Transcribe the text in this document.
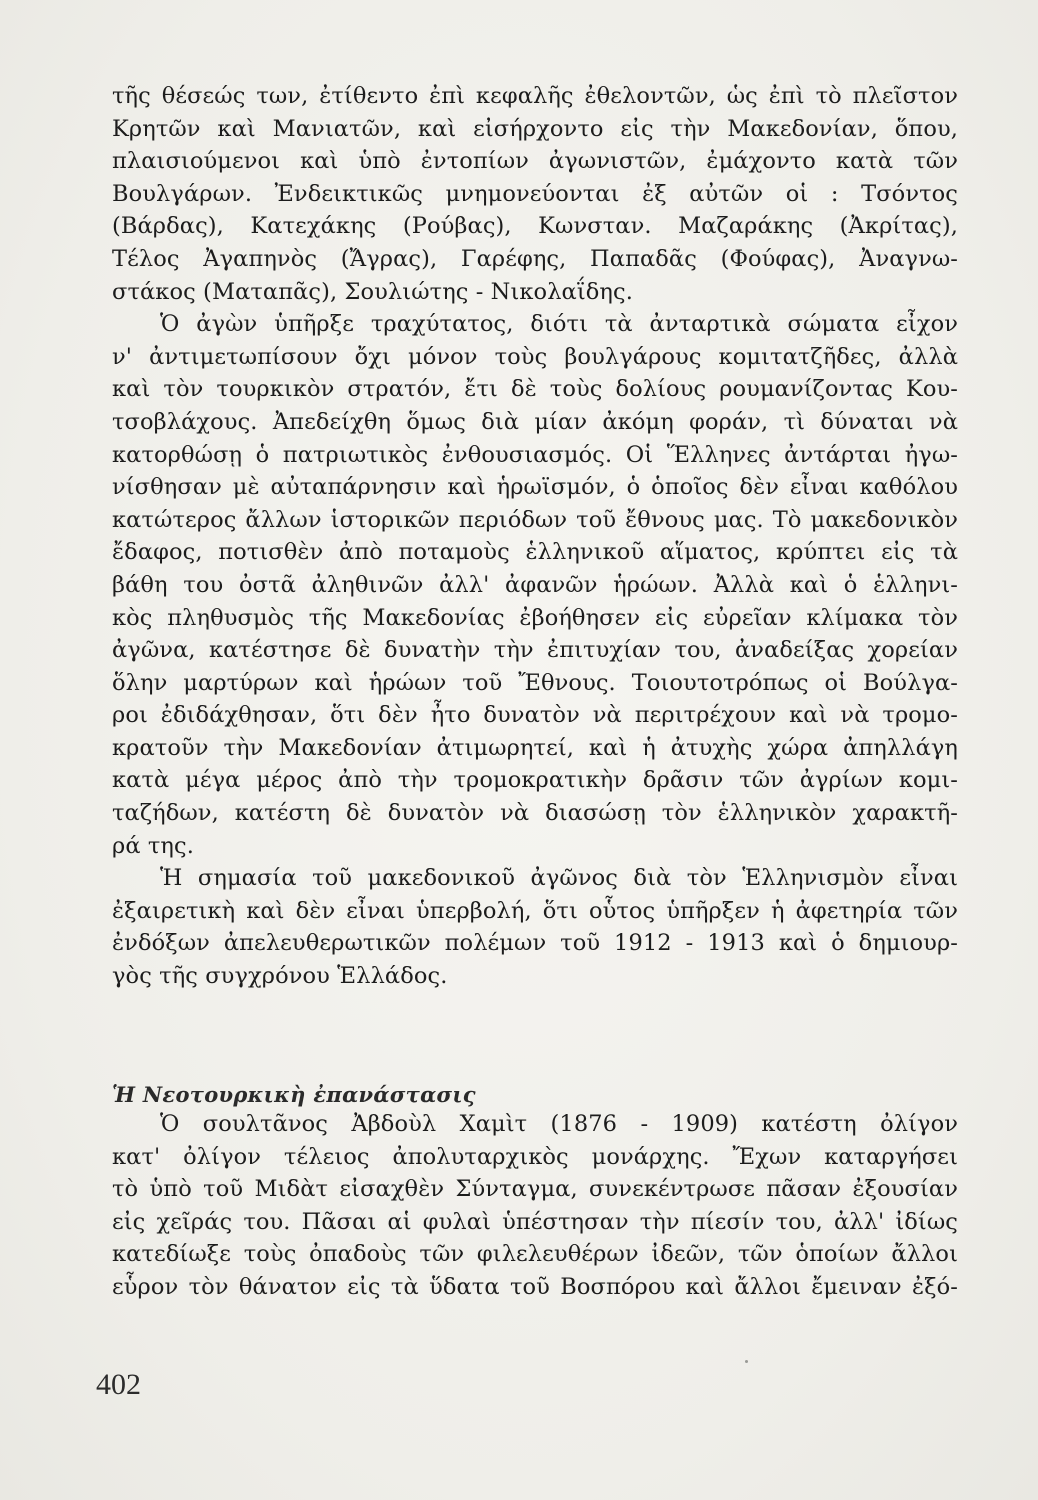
τῆς θέσεώς των, ἐτίθεντο ἐπὶ κεφαλῆς ἐθελοντῶν, ὡς ἐπὶ τὸ πλεῖστον
Κρητῶν καὶ Μανιατῶν, καὶ εἰσήρχοντο εἰς τὴν Μακεδονίαν, ὅπου,
πλαισιούμενοι καὶ ὑπὸ ἐντοπίων ἀγωνιστῶν, ἐμάχοντο κατὰ τῶν
Βουλγάρων. Ἐνδεικτικῶς μνημονεύονται ἐξ αὐτῶν οἱ : Τσόντος
(Βάρδας), Κατεχάκης (Ρούβας), Κωνσταν. Μαζαράκης (Ἀκρίτας),
Τέλος Ἀγαπηνὸς (Ἄγρας), Γαρέφης, Παπαδᾶς (Φούφας), Ἀναγνω-
στάκος (Ματαπᾶς), Σουλιώτης - Νικολαΐδης.
Ὁ ἀγὼν ὑπῆρξε τραχύτατος, διότι τὰ ἀνταρτικὰ σώματα εἶχον
ν' ἀντιμετωπίσουν ὄχι μόνον τοὺς βουλγάρους κομιτατζῆδες, ἀλλὰ
καὶ τὸν τουρκικὸν στρατόν, ἔτι δὲ τοὺς δολίους ρουμανίζοντας Κου-
τσοβλάχους. Ἀπεδείχθη ὅμως διὰ μίαν ἀκόμη φοράν, τὶ δύναται νὰ
κατορθώσῃ ὁ πατριωτικὸς ἐνθουσιασμός. Οἱ Ἕλληνες ἀντάρται ἠγω-
νίσθησαν μὲ αὐταπάρνησιν καὶ ἡρωϊσμόν, ὁ ὁποῖος δὲν εἶναι καθόλου
κατώτερος ἄλλων ἱστορικῶν περιόδων τοῦ ἔθνους μας. Τὸ μακεδονικὸν
ἔδαφος, ποτισθὲν ἀπὸ ποταμοὺς ἑλληνικοῦ αἵματος, κρύπτει εἰς τὰ
βάθη του ὀστᾶ ἀληθινῶν ἀλλ' ἀφανῶν ἡρώων. Ἀλλὰ καὶ ὁ ἑλληνι-
κὸς πληθυσμὸς τῆς Μακεδονίας ἐβοήθησεν εἰς εὐρεῖαν κλίμακα τὸν
ἀγῶνα, κατέστησε δὲ δυνατὴν τὴν ἐπιτυχίαν του, ἀναδείξας χορείαν
ὅλην μαρτύρων καὶ ἡρώων τοῦ Ἔθνους. Τοιουτοτρόπως οἱ Βούλγα-
ροι ἐδιδάχθησαν, ὅτι δὲν ἦτο δυνατὸν νὰ περιτρέχουν καὶ νὰ τρομο-
κρατοῦν τὴν Μακεδονίαν ἀτιμωρητεί, καὶ ἡ ἀτυχὴς χώρα ἀπηλλάγη
κατὰ μέγα μέρος ἀπὸ τὴν τρομοκρατικὴν δρᾶσιν τῶν ἀγρίων κομι-
ταζήδων, κατέστη δὲ δυνατὸν νὰ διασώσῃ τὸν ἑλληνικὸν χαρακτῆ-
ρά της.
Ἡ σημασία τοῦ μακεδονικοῦ ἀγῶνος διὰ τὸν Ἑλληνισμὸν εἶναι
ἐξαιρετικὴ καὶ δὲν εἶναι ὑπερβολή, ὅτι οὗτος ὑπῆρξεν ἡ ἀφετηρία τῶν
ἐνδόξων ἀπελευθερωτικῶν πολέμων τοῦ 1912 - 1913 καὶ ὁ δημιουρ-
γὸς τῆς συγχρόνου Ἑλλάδος.
Ἡ Νεοτουρκικὴ ἐπανάστασις
Ὁ σουλτᾶνος Ἀβδοὺλ Χαμὶτ (1876 - 1909) κατέστη ὀλίγον
κατ' ὀλίγον τέλειος ἀπολυταρχικὸς μονάρχης. Ἔχων καταργήσει
τὸ ὑπὸ τοῦ Μιδὰτ εἰσαχθὲν Σύνταγμα, συνεκέντρωσε πᾶσαν ἐξουσίαν
εἰς χεῖράς του. Πᾶσαι αἱ φυλαὶ ὑπέστησαν τὴν πίεσίν του, ἀλλ' ἰδίως
κατεδίωξε τοὺς ὀπαδοὺς τῶν φιλελευθέρων ἰδεῶν, τῶν ὁποίων ἄλλοι
εὗρον τὸν θάνατον εἰς τὰ ὕδατα τοῦ Βοσπόρου καὶ ἄλλοι ἔμειναν ἐξό-
402
